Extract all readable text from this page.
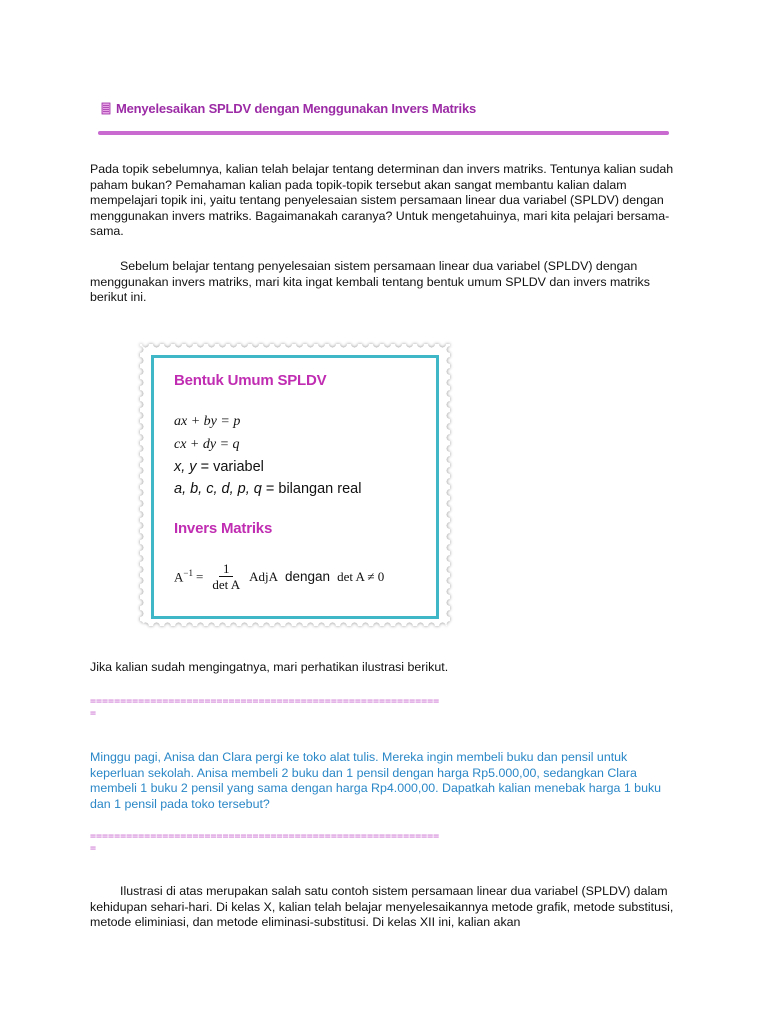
Menyelesaikan SPLDV dengan Menggunakan Invers Matriks

Pada topik sebelumnya, kalian telah belajar tentang determinan dan invers matriks. Tentunya kalian sudah paham bukan? Pemahaman kalian pada topik-topik tersebut akan sangat membantu kalian dalam mempelajari topik ini, yaitu tentang penyelesaian sistem persamaan linear dua variabel (SPLDV) dengan menggunakan invers matriks. Bagaimanakah caranya? Untuk mengetahuinya, mari kita pelajari bersama-sama.

Sebelum belajar tentang penyelesaian sistem persamaan linear dua variabel (SPLDV) dengan menggunakan invers matriks, mari kita ingat kembali tentang bentuk umum SPLDV dan invers matriks berikut ini.

Bentuk Umum SPLDV
ax + by = p
cx + dy = q
x, y = variabel
a, b, c, d, p, q = bilangan real
Invers Matriks
$A^{-1} = \frac{1}{\text{det A}}$ AdjA dengan det A ≠ 0

Jika kalian sudah mengingatnya, mari perhatikan ilustrasi berikut.

==========================================================
=

Minggu pagi, Anisa dan Clara pergi ke toko alat tulis. Mereka ingin membeli buku dan pensil untuk keperluan sekolah. Anisa membeli 2 buku dan 1 pensil dengan harga Rp5.000,00, sedangkan Clara membeli 1 buku 2 pensil yang sama dengan harga Rp4.000,00. Dapatkah kalian menebak harga 1 buku dan 1 pensil pada toko tersebut?

==========================================================
=

Ilustrasi di atas merupakan salah satu contoh sistem persamaan linear dua variabel (SPLDV) dalam kehidupan sehari-hari. Di kelas X, kalian telah belajar menyelesaikannya metode grafik, metode substitusi, metode eliminiasi, dan metode eliminasi-substitusi. Di kelas XII ini, kalian akan
